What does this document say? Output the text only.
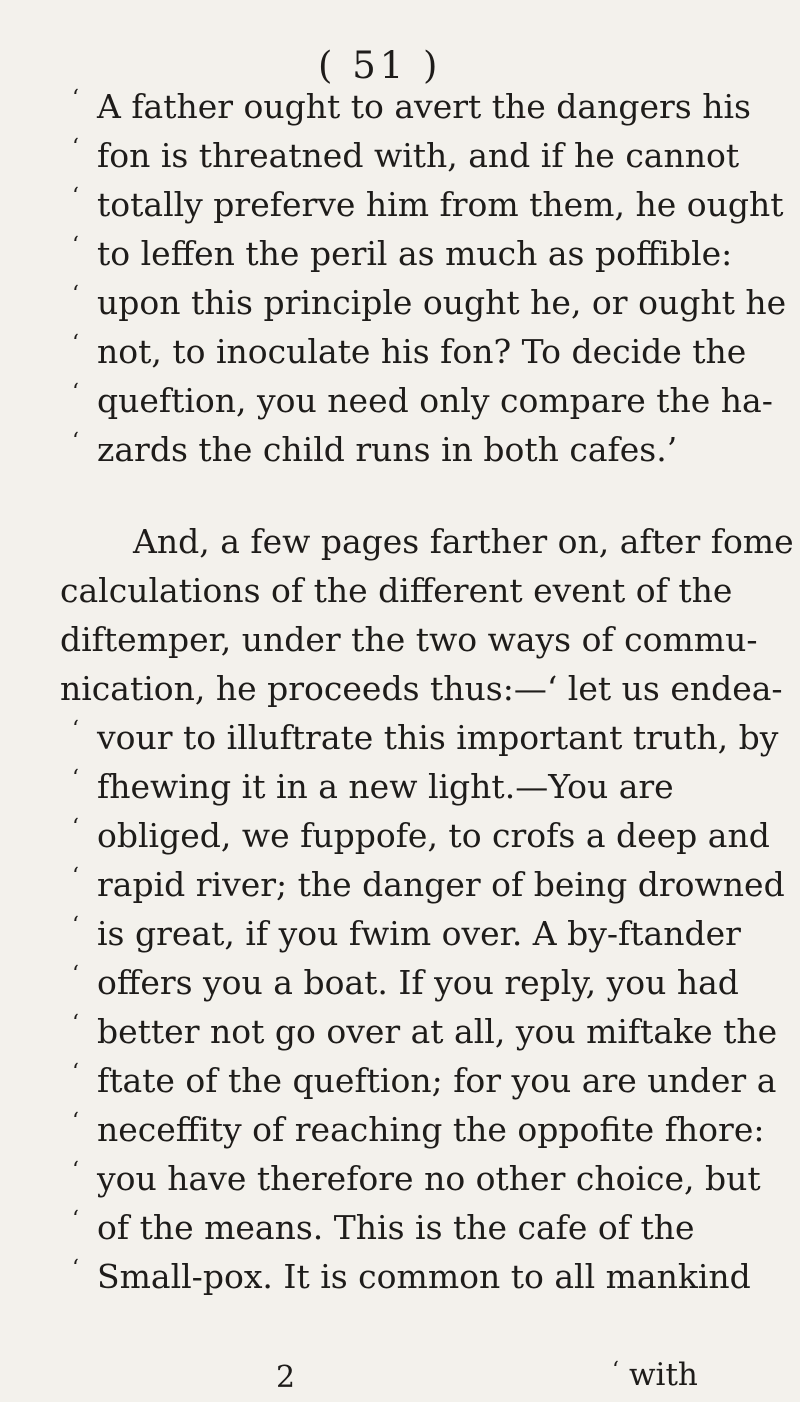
( 51 )
‘ A father ought to avert the dangers his
‘ fon is threatned with, and if he cannot
‘ totally preferve him from them, he ought
‘ to leffen the peril as much as poffible:
‘ upon this principle ought he, or ought he
‘ not, to inoculate his fon? To decide the
‘ queftion, you need only compare the ha-
‘ zards the child runs in both cafes.’
And, a few pages farther on, after fome
calculations of the different event of the
diftemper, under the two ways of commu-
nication, he proceeds thus:—‘ let us endea-
‘ vour to illuftrate this important truth, by
‘ fhewing it in a new light.—You are
‘ obliged, we fuppofe, to crofs a deep and
‘ rapid river; the danger of being drowned
‘ is great, if you fwim over. A by-ftander
‘ offers you a boat. If you reply, you had
‘ better not go over at all, you miftake the
‘ ftate of the queftion; for you are under a
‘ neceffity of reaching the oppofite fhore:
‘ you have therefore no other choice, but
‘ of the means. This is the cafe of the
‘ Small-pox. It is common to all mankind
2	‘ with
